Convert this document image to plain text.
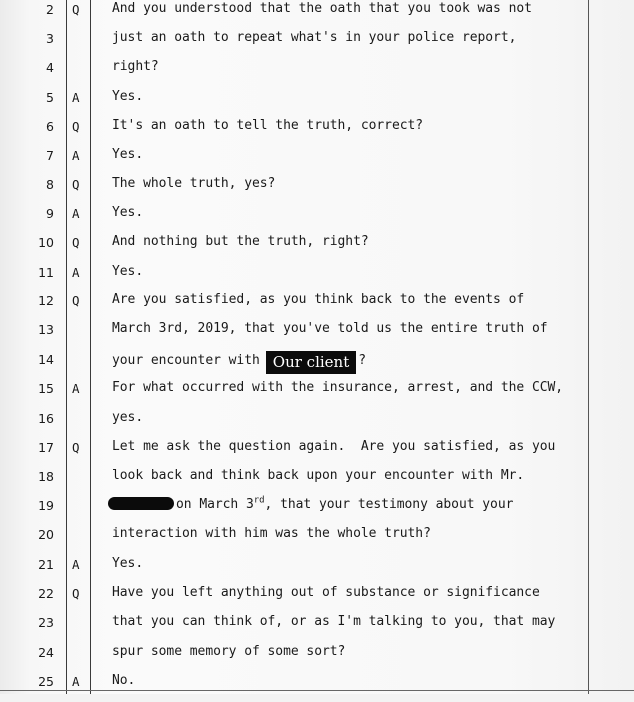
2 Q And you understood that the oath that you took was not
3	just an oath to repeat what's in your police report,
4	right?
5 A Yes.
6 Q It's an oath to tell the truth, correct?
7 A Yes.
8 Q The whole truth, yes?
9 A Yes.
10 Q And nothing but the truth, right?
11 A Yes.
12 Q Are you satisfied, as you think back to the events of
13	March 3rd, 2019, that you've told us the entire truth of
14	your encounter with Our client ?
15 A For what occurred with the insurance, arrest, and the CCW,
16	yes.
17 Q Let me ask the question again.  Are you satisfied, as you
18	look back and think back upon your encounter with Mr.
19	on March 3rd, that your testimony about your
20	interaction with him was the whole truth?
21 A Yes.
22 Q Have you left anything out of substance or significance
23	that you can think of, or as I'm talking to you, that may
24	spur some memory of some sort?
25 A No.
